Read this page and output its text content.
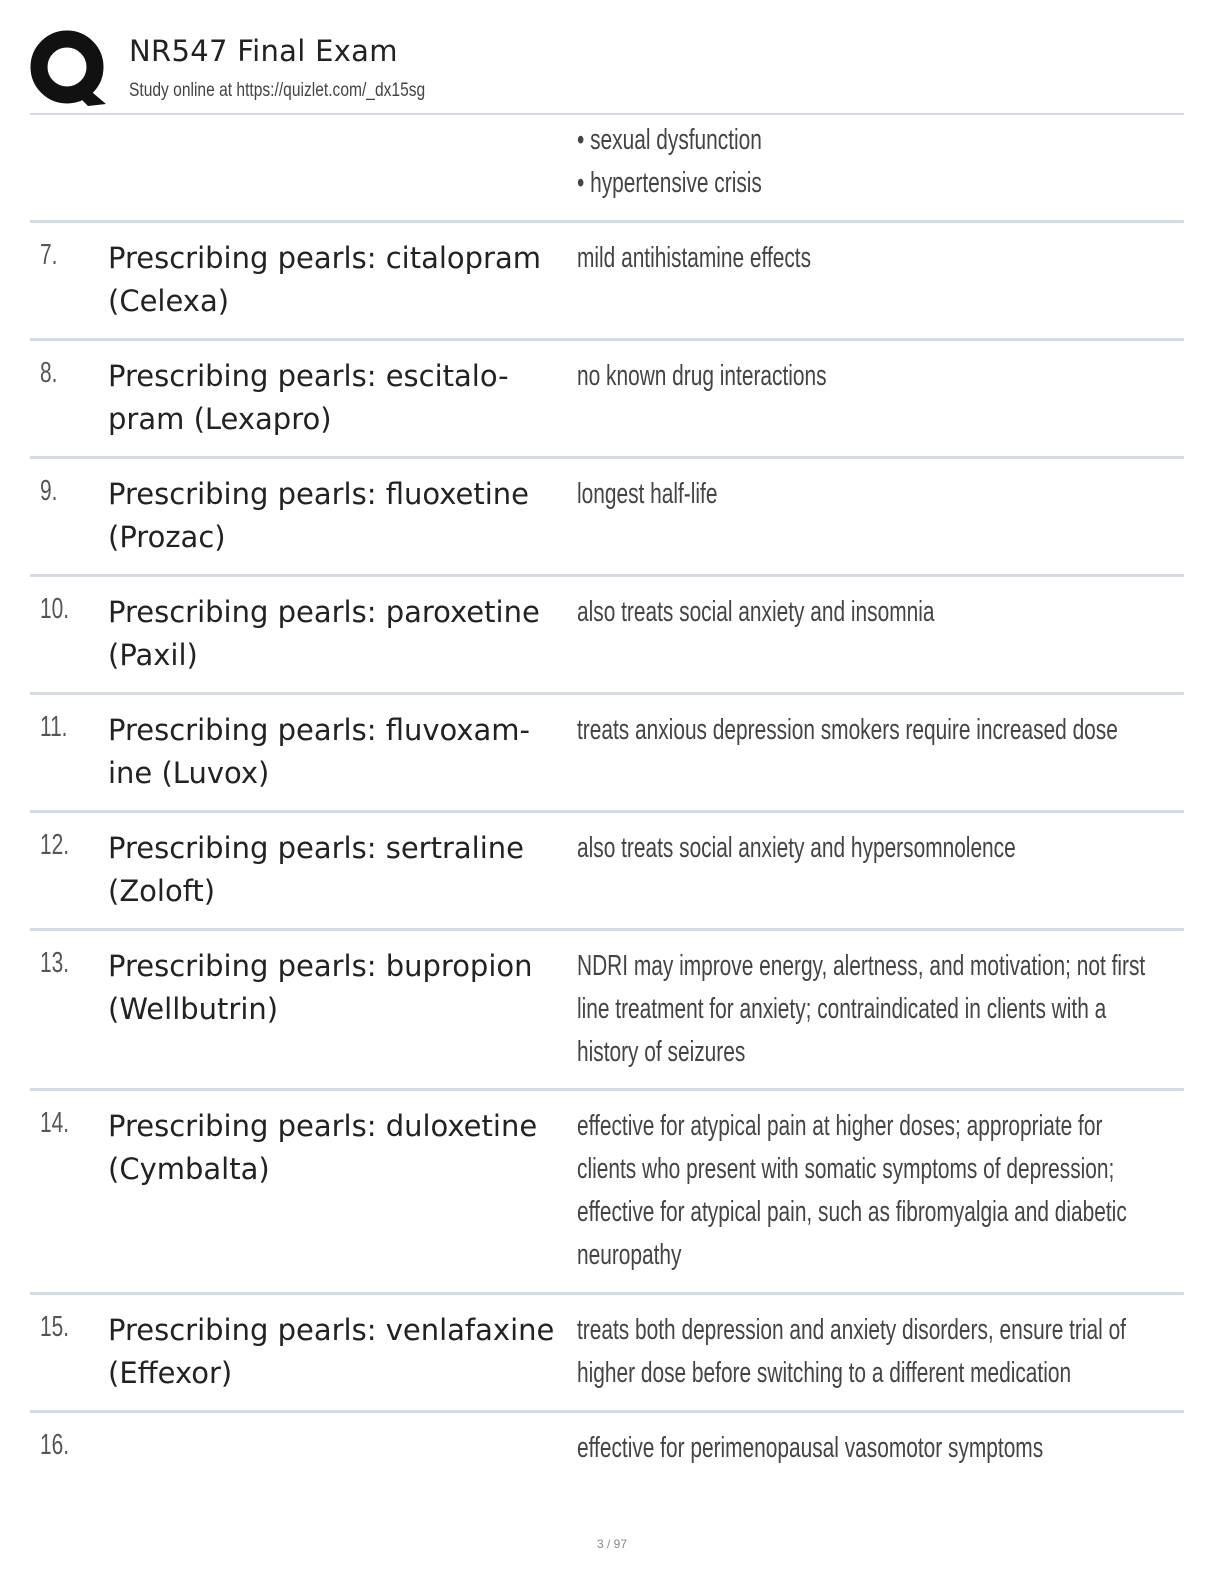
NR547 Final Exam
Study online at https://quizlet.com/_dx15sg
• sexual dysfunction
• hypertensive crisis
7. Prescribing pearls: citalopram (Celexa)
mild antihistamine effects
8. Prescribing pearls: escitalo- pram (Lexapro)
no known drug interactions
9. Prescribing pearls: fluoxetine (Prozac)
longest half-life
10. Prescribing pearls: paroxetine (Paxil)
also treats social anxiety and insomnia
11. Prescribing pearls: fluvoxam- ine (Luvox)
treats anxious depression smokers require increased dose
12. Prescribing pearls: sertraline (Zoloft)
also treats social anxiety and hypersomnolence
13. Prescribing pearls: bupropion (Wellbutrin)
NDRI may improve energy, alertness, and motivation; not first
line treatment for anxiety; contraindicated in clients with a
history of seizures
14. Prescribing pearls: duloxetine (Cymbalta)
effective for atypical pain at higher doses; appropriate for
clients who present with somatic symptoms of depression;
effective for atypical pain, such as fibromyalgia and diabetic
neuropathy
15. Prescribing pearls: venlafaxine (Effexor)
treats both depression and anxiety disorders, ensure trial of
higher dose before switching to a different medication
16.	effective for perimenopausal vasomotor symptoms
3 / 97
